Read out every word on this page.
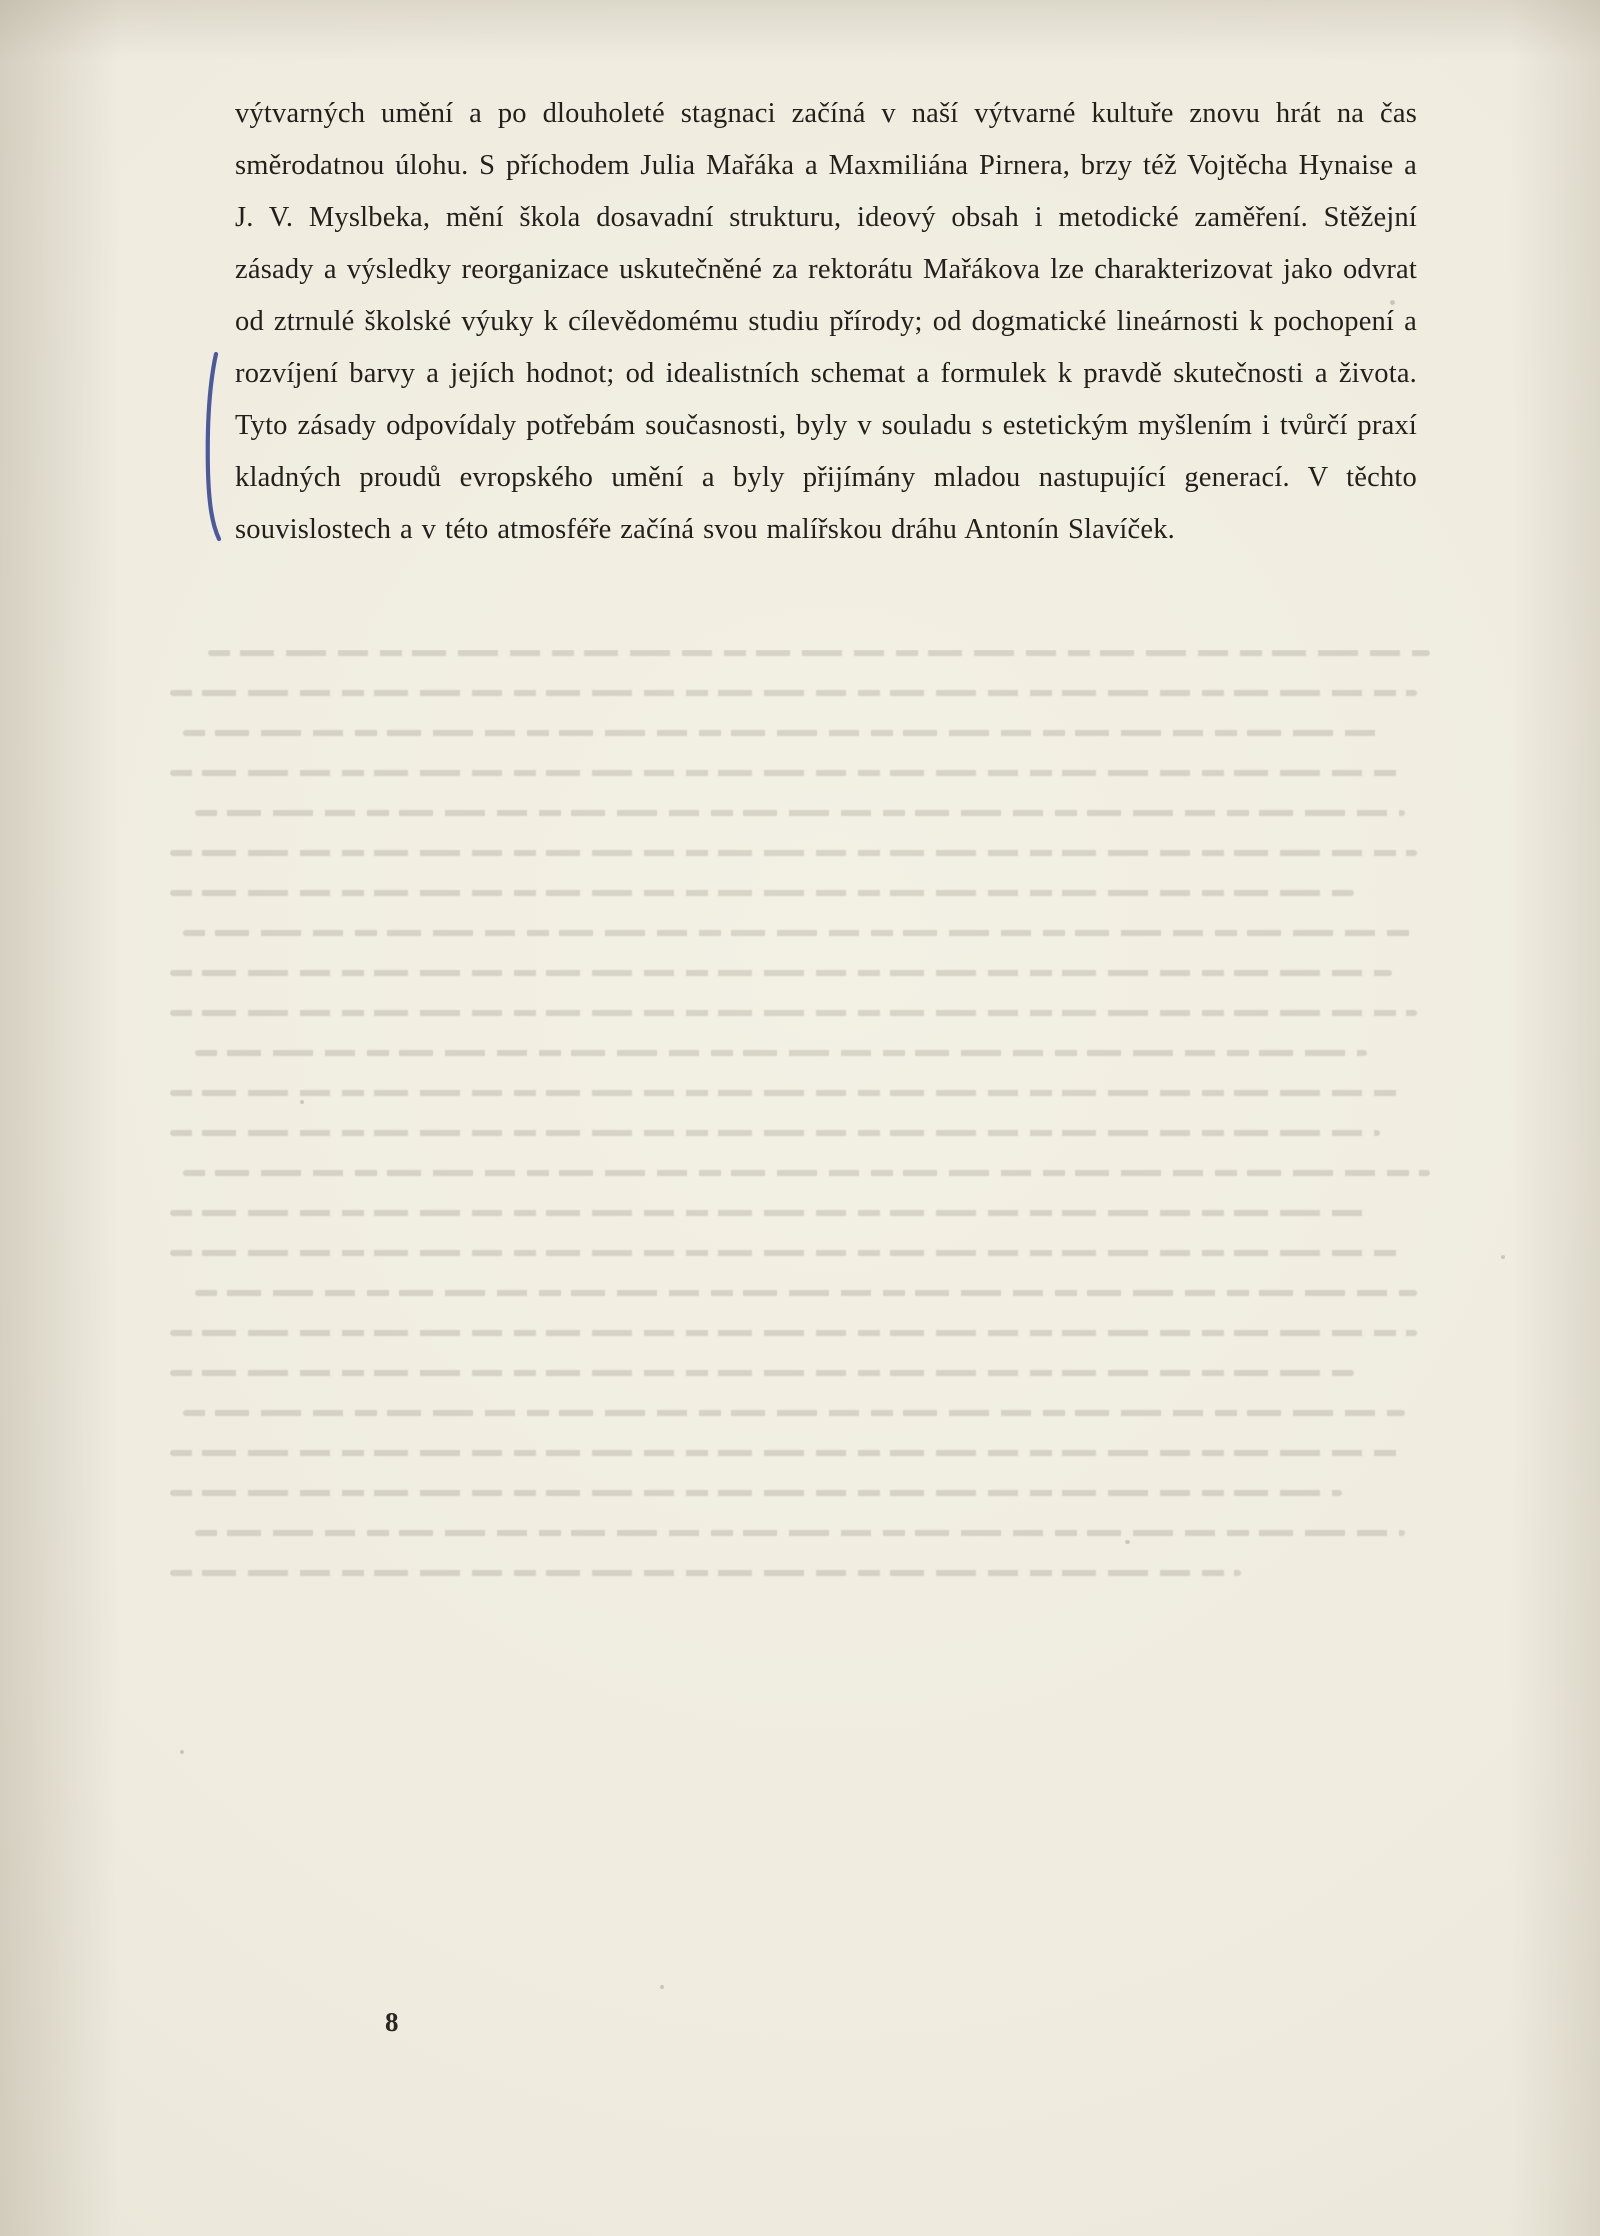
výtvarných umění a po dlouholeté stagnaci začíná v naší výtvarné kultuře znovu hrát na čas směrodatnou úlohu. S příchodem Julia Mařáka a Maxmiliána Pirnera, brzy též Vojtěcha Hynaise a J. V. Myslbeka, mění škola dosavadní strukturu, ideový obsah i metodické zaměření. Stěžejní zásady a výsledky reorganizace uskutečněné za rektorátu Mařákova lze charakterizovat jako odvrat od ztrnulé školské výuky k cílevědomému studiu přírody; od dogmatické lineárnosti k pochopení a rozvíjení barvy a jejích hodnot; od idealistních schemat a formulek k pravdě skutečnosti a života. Tyto zásady odpovídaly potřebám současnosti, byly v souladu s estetickým myšlením i tvůrčí praxí kladných proudů evropského umění a byly přijímány mladou nastupující generací. V těchto souvislostech a v této atmosféře začíná svou malířskou dráhu Antonín Slavíček.

8
